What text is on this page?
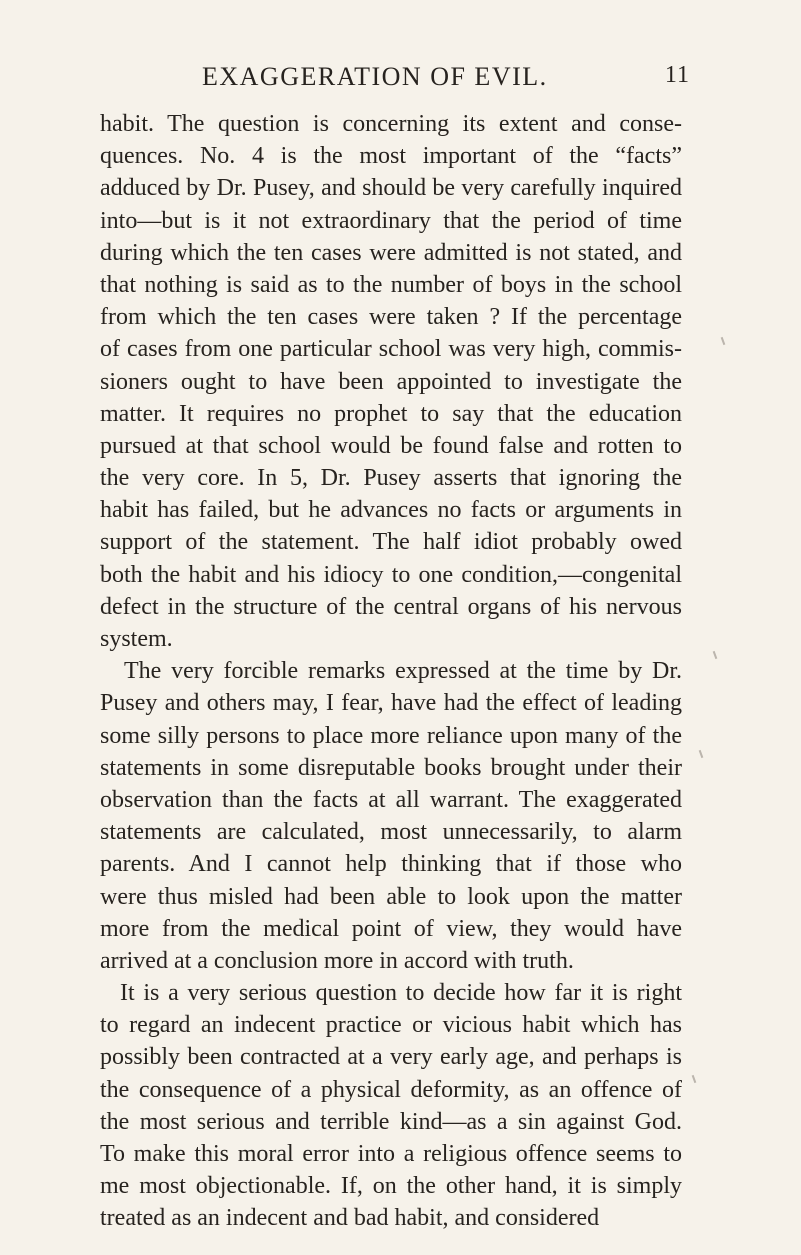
EXAGGERATION OF EVIL.	11
habit. The question is concerning its extent and conse-
quences. No. 4 is the most important of the “facts”
adduced by Dr. Pusey, and should be very carefully inquired
into—but is it not extraordinary that the period of time
during which the ten cases were admitted is not stated, and
that nothing is said as to the number of boys in the school
from which the ten cases were taken ? If the percentage
of cases from one particular school was very high, commis-
sioners ought to have been appointed to investigate the
matter. It requires no prophet to say that the education
pursued at that school would be found false and rotten to
the very core. In 5, Dr. Pusey asserts that ignoring the
habit has failed, but he advances no facts or arguments in
support of the statement. The half idiot probably owed
both the habit and his idiocy to one condition,—congenital
defect in the structure of the central organs of his nervous
system.
The very forcible remarks expressed at the time by Dr.
Pusey and others may, I fear, have had the effect of leading
some silly persons to place more reliance upon many of the
statements in some disreputable books brought under their
observation than the facts at all warrant. The exaggerated
statements are calculated, most unnecessarily, to alarm
parents. And I cannot help thinking that if those who
were thus misled had been able to look upon the matter
more from the medical point of view, they would have
arrived at a conclusion more in accord with truth.
It is a very serious question to decide how far it is right
to regard an indecent practice or vicious habit which has
possibly been contracted at a very early age, and perhaps is
the consequence of a physical deformity, as an offence of
the most serious and terrible kind—as a sin against God.
To make this moral error into a religious offence seems to
me most objectionable. If, on the other hand, it is simply
treated as an indecent and bad habit, and considered
